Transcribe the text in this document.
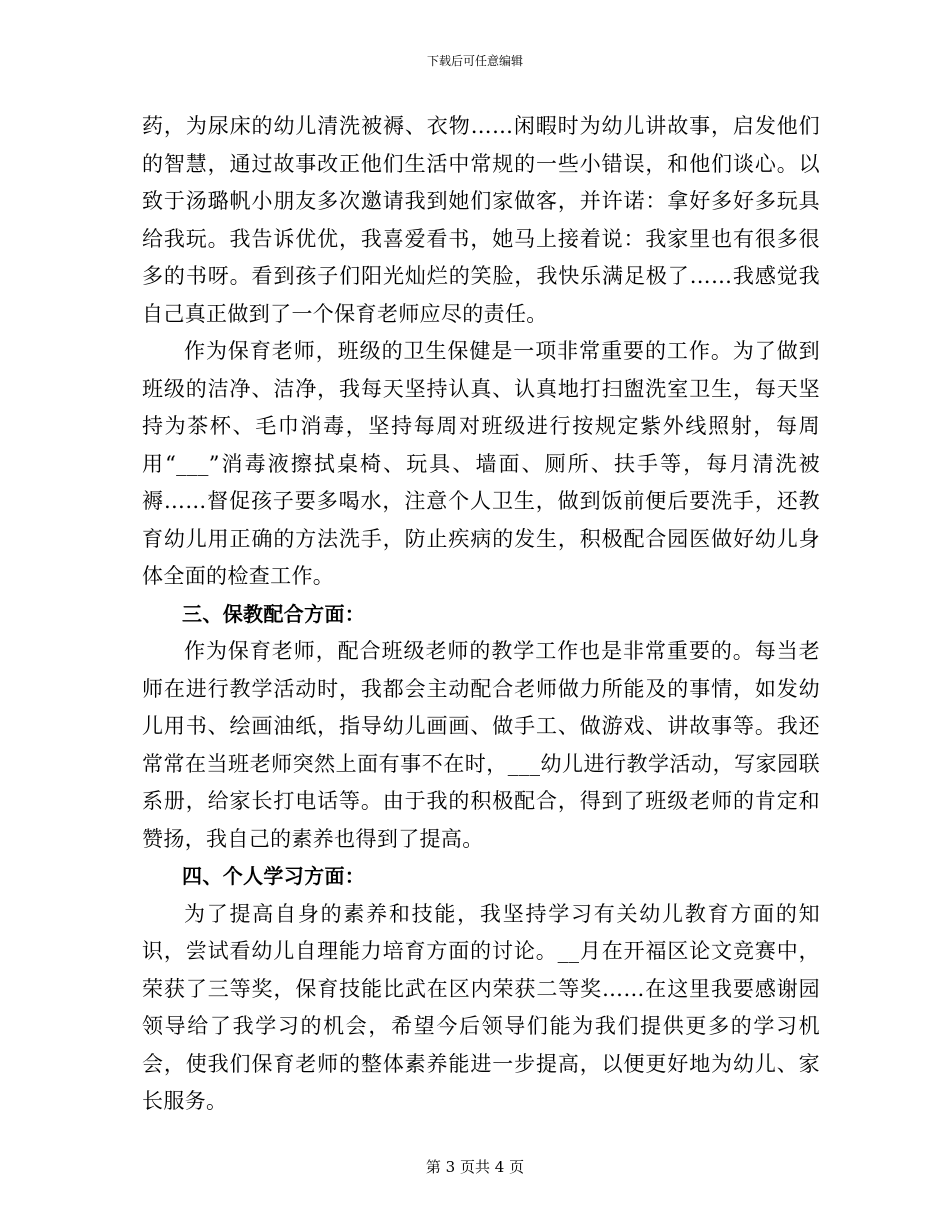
下载后可任意编辑

药，为尿床的幼儿清洗被褥、衣物……闲暇时为幼儿讲故事，启发他们的智慧，通过故事改正他们生活中常规的一些小错误，和他们谈心。以致于汤璐帆小朋友多次邀请我到她们家做客，并许诺：拿好多好多玩具给我玩。我告诉优优，我喜爱看书，她马上接着说：我家里也有很多很多的书呀。看到孩子们阳光灿烂的笑脸，我快乐满足极了……我感觉我自己真正做到了一个保育老师应尽的责任。

作为保育老师，班级的卫生保健是一项非常重要的工作。为了做到班级的洁净、洁净，我每天坚持认真、认真地打扫盥洗室卫生，每天坚持为茶杯、毛巾消毒，坚持每周对班级进行按规定紫外线照射，每周用“___”消毒液擦拭桌椅、玩具、墙面、厕所、扶手等，每月清洗被褥……督促孩子要多喝水，注意个人卫生，做到饭前便后要洗手，还教育幼儿用正确的方法洗手，防止疾病的发生，积极配合园医做好幼儿身体全面的检查工作。

三、保教配合方面：

作为保育老师，配合班级老师的教学工作也是非常重要的。每当老师在进行教学活动时，我都会主动配合老师做力所能及的事情，如发幼儿用书、绘画油纸，指导幼儿画画、做手工、做游戏、讲故事等。我还常常在当班老师突然上面有事不在时，___幼儿进行教学活动，写家园联系册，给家长打电话等。由于我的积极配合，得到了班级老师的肯定和赞扬，我自己的素养也得到了提高。

四、个人学习方面：

为了提高自身的素养和技能，我坚持学习有关幼儿教育方面的知识，尝试看幼儿自理能力培育方面的讨论。__月在开福区论文竞赛中，荣获了三等奖，保育技能比武在区内荣获二等奖……在这里我要感谢园领导给了我学习的机会，希望今后领导们能为我们提供更多的学习机会，使我们保育老师的整体素养能进一步提高，以便更好地为幼儿、家长服务。

第 3 页共 4 页
